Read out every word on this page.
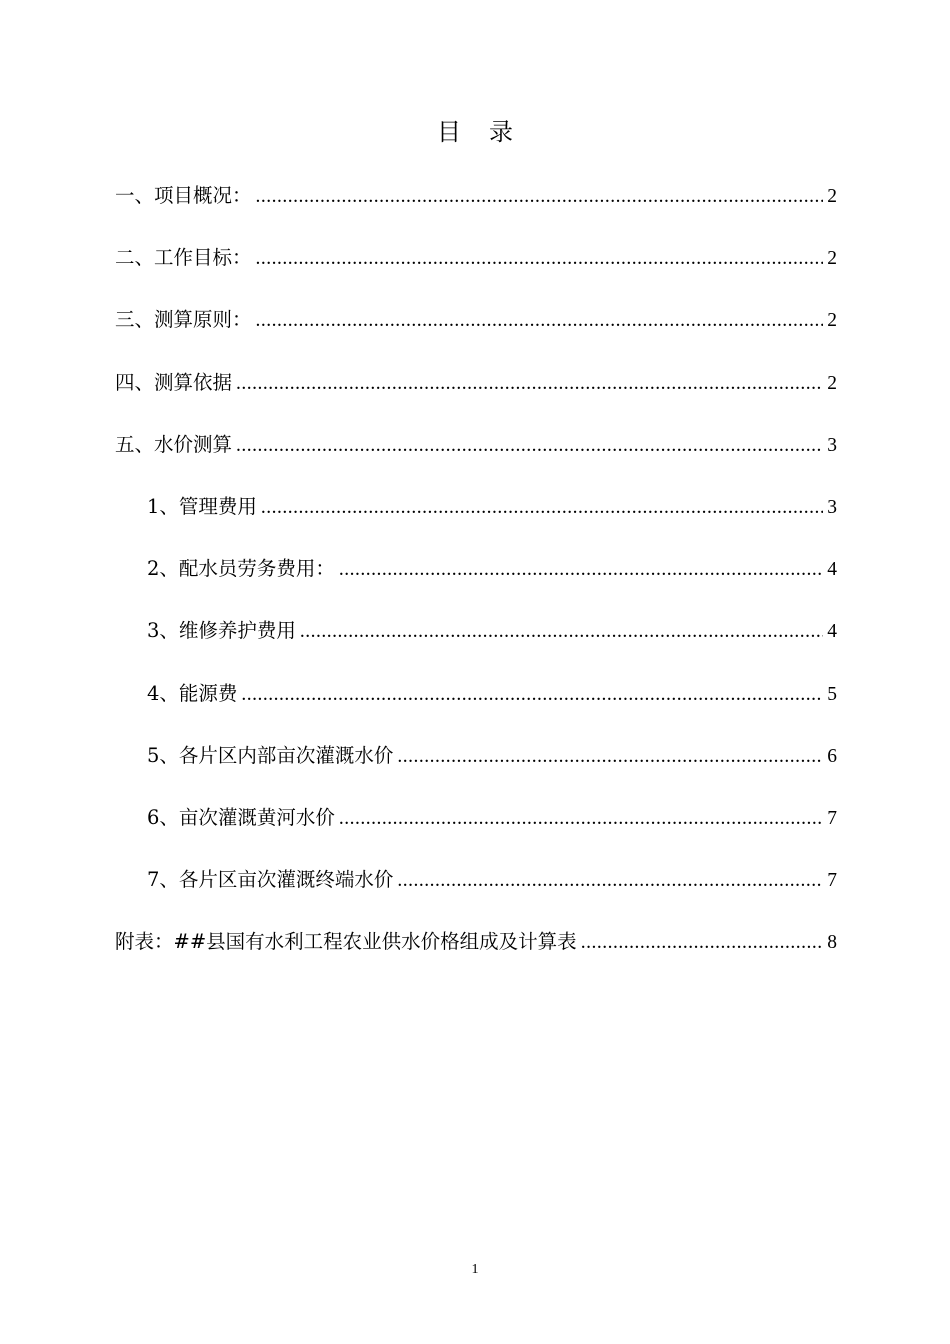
目录
一、项目概况： .....	2
二、工作目标： .....	2
三、测算原则： .....	2
四、测算依据 .....	2
五、水价测算 .....	3
1、管理费用 .....	3
2、配水员劳务费用： .....	4
3、维修养护费用 .....	4
4、能源费 .....	5
5、各片区内部亩次灌溉水价 .....	6
6、亩次灌溉黄河水价 .....	7
7、各片区亩次灌溉终端水价 .....	7
附表：##县国有水利工程农业供水价格组成及计算表 .....	8
1
